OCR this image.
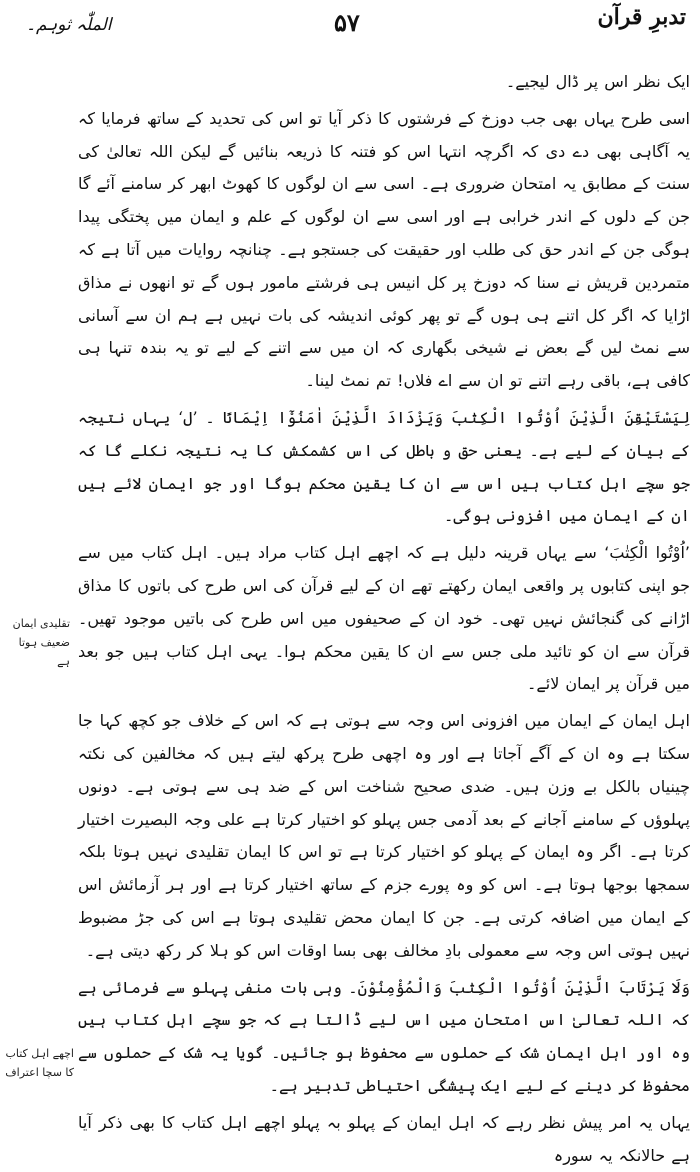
الملّٰہ ثوہم۔	۵۷	تدبرِ قرآن

ایک نظر اس پر ڈال لیجیے۔

اسی طرح یہاں بھی جب دوزخ کے فرشتوں کا ذکر آیا تو اس کی تحدید کے ساتھ فرمایا کہ یہ آگاہی بھی دے دی کہ اگرچہ انتہا اس کو فتنہ کا ذریعہ بنائیں گے لیکن اللہ تعالیٰ کی سنت کے مطابق یہ امتحان ضروری ہے۔ اسی سے ان لوگوں کا کھوٹ ابھر کر سامنے آئے گا جن کے دلوں کے اندر خرابی ہے اور اسی سے ان لوگوں کے علم و ایمان میں پختگی پیدا ہوگی جن کے اندر حق کی طلب اور حقیقت کی جستجو ہے۔ چنانچہ روایات میں آتا ہے کہ متمردین قریش نے سنا کہ دوزخ پر کل انیس ہی فرشتے مامور ہوں گے تو انھوں نے مذاق اڑایا کہ اگر کل اتنے ہی ہوں گے تو پھر کوئی اندیشہ کی بات نہیں ہے ہم ان سے آسانی سے نمٹ لیں گے بعض نے شیخی بگھاری کہ ان میں سے اتنے کے لیے تو یہ بندہ تنہا ہی کافی ہے، باقی رہے اتنے تو ان سے اے فلاں! تم نمٹ لینا۔

لِیَسْتَیْقِنَ الَّذِیْنَ اُوْتُوا الْکِتٰبَ وَیَزْدَادَ الَّذِیْنَ اٰمَنُوْٓا اِیْمَانًا ۔ ’ل‘ یہاں نتیجہ کے بیان کے لیے ہے۔ یعنی حق و باطل کی اس کشمکش کا یہ نتیجہ نکلے گا کہ جو سچے اہل کتاب ہیں اس سے ان کا یقین محکم ہوگا اور جو ایمان لائے ہیں ان کے ایمان میں افزونی ہوگی۔

’اُوْتُوا الْکِتٰبَ‘ سے یہاں قرینہ دلیل ہے کہ اچھے اہل کتاب مراد ہیں۔ اہل کتاب میں سے جو اپنی کتابوں پر واقعی ایمان رکھتے تھے ان کے لیے قرآن کی اس طرح کی باتوں کا مذاق اڑانے کی گنجائش نہیں تھی۔ خود ان کے صحیفوں میں اس طرح کی باتیں موجود تھیں۔ قرآن سے ان کو تائید ملی جس سے ان کا یقین محکم ہوا۔ یہی اہل کتاب ہیں جو بعد میں قرآن پر ایمان لائے۔

اہل ایمان کے ایمان میں افزونی اس وجہ سے ہوتی ہے کہ اس کے خلاف جو کچھ کہا جا سکتا ہے وہ ان کے آگے آجاتا ہے اور وہ اچھی طرح پرکھ لیتے ہیں کہ مخالفین کی نکتہ چینیاں بالکل بے وزن ہیں۔ ضدی صحیح شناخت اس کے ضد ہی سے ہوتی ہے۔ دونوں پہلوؤں کے سامنے آجانے کے بعد آدمی جس پہلو کو اختیار کرتا ہے علی وجہ البصیرت اختیار کرتا ہے۔ اگر وہ ایمان کے پہلو کو اختیار کرتا ہے تو اس کا ایمان تقلیدی نہیں ہوتا بلکہ سمجھا بوجھا ہوتا ہے۔ اس کو وہ پورے جزم کے ساتھ اختیار کرتا ہے اور ہر آزمائش اس کے ایمان میں اضافہ کرتی ہے۔ جن کا ایمان محض تقلیدی ہوتا ہے اس کی جڑ مضبوط نہیں ہوتی اس وجہ سے معمولی بادِ مخالف بھی بسا اوقات اس کو ہلا کر رکھ دیتی ہے۔

وَلَا یَرْتَابَ الَّذِیْنَ اُوْتُوا الْکِتٰبَ وَالْمُؤْمِنُوْنَ۔ وہی بات منفی پہلو سے فرمائی ہے کہ اللہ تعالیٰ اس امتحان میں اس لیے ڈالتا ہے کہ جو سچے اہل کتاب ہیں وہ اور اہل ایمان شک کے حملوں سے محفوظ ہو جائیں۔ گویا یہ شک کے حملوں سے محفوظ کر دینے کے لیے ایک پیشگی احتیاطی تدبیر ہے۔

یہاں یہ امر پیش نظر رہے کہ اہل ایمان کے پہلو بہ پہلو اچھے اہل کتاب کا بھی ذکر آیا ہے حالانکہ یہ سورہ

تقلیدی ایمان ضعیف ہوتا ہے
اچھے اہل کتاب کا سچا اعتراف
